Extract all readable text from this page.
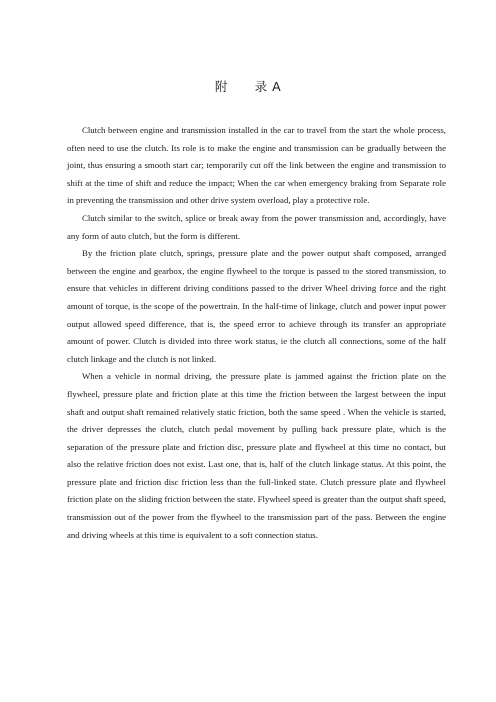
附      录 A

Clutch between engine and transmission installed in the car to travel from the start the whole process, often need to use the clutch. Its role is to make the engine and transmission can be gradually between the joint, thus ensuring a smooth start car; temporarily cut off the link between the engine and transmission to shift at the time of shift and reduce the impact; When the car when emergency braking from Separate role in preventing the transmission and other drive system overload, play a protective role.

Clutch similar to the switch, splice or break away from the power transmission and, accordingly, have any form of auto clutch, but the form is different.

By the friction plate clutch, springs, pressure plate and the power output shaft composed, arranged between the engine and gearbox, the engine flywheel to the torque is passed to the stored transmission, to ensure that vehicles in different driving conditions passed to the driver Wheel driving force and the right amount of torque, is the scope of the powertrain. In the half-time of linkage, clutch and power input power output allowed speed difference, that is, the speed error to achieve through its transfer an appropriate amount of power. Clutch is divided into three work status, ie the clutch all connections, some of the half clutch linkage and the clutch is not linked.

When a vehicle in normal driving, the pressure plate is jammed against the friction plate on the flywheel, pressure plate and friction plate at this time the friction between the largest between the input shaft and output shaft remained relatively static friction, both the same speed . When the vehicle is started, the driver depresses the clutch, clutch pedal movement by pulling back pressure plate, which is the separation of the pressure plate and friction disc, pressure plate and flywheel at this time no contact, but also the relative friction does not exist. Last one, that is, half of the clutch linkage status. At this point, the pressure plate and friction disc friction less than the full-linked state. Clutch pressure plate and flywheel friction plate on the sliding friction between the state. Flywheel speed is greater than the output shaft speed, transmission out of the power from the flywheel to the transmission part of the pass. Between the engine and driving wheels at this time is equivalent to a soft connection status.
